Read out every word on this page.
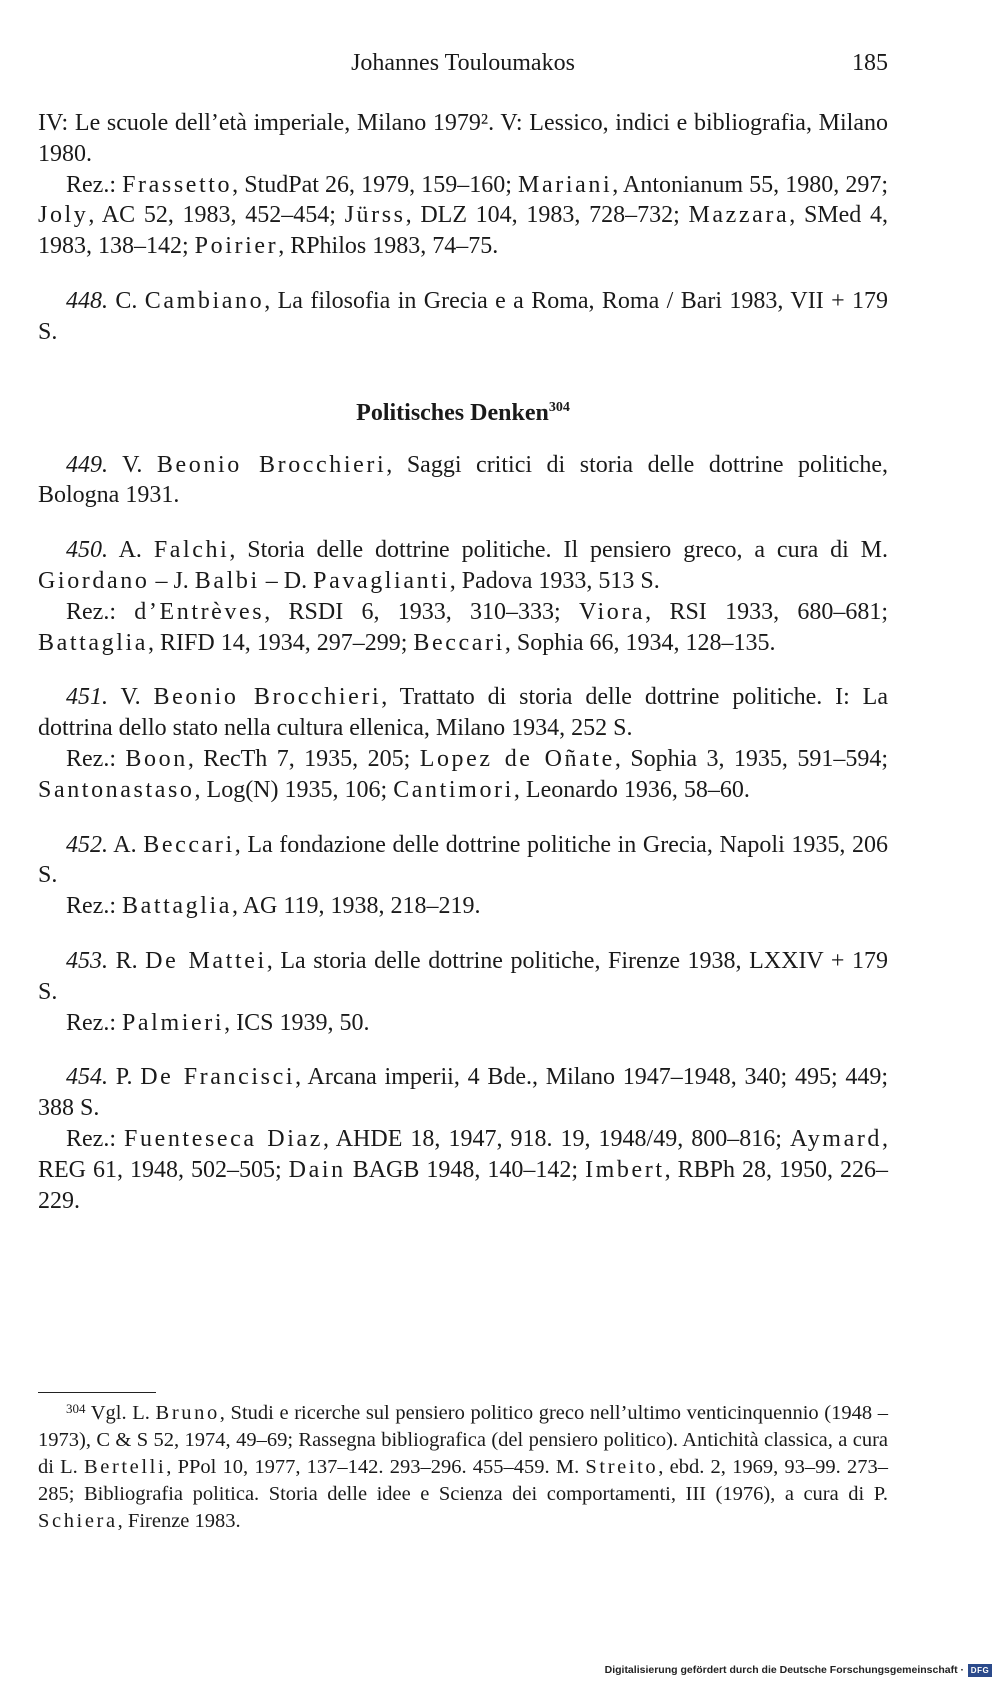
Johannes Touloumakos	185

IV: Le scuole dell’età imperiale, Milano 1979². V: Lessico, indici e bibliografia, Milano 1980.

Rez.: Frassetto, StudPat 26, 1979, 159–160; Mariani, Antonianum 55, 1980, 297; Joly, AC 52, 1983, 452–454; Jürss, DLZ 104, 1983, 728–732; Mazzara, SMed 4, 1983, 138–142; Poirier, RPhilos 1983, 74–75.

448. C. Cambiano, La filosofia in Grecia e a Roma, Roma / Bari 1983, VII + 179 S.

Politisches Denken$^{304}$

449. V. Beonio Brocchieri, Saggi critici di storia delle dottrine politiche, Bologna 1931.

450. A. Falchi, Storia delle dottrine politiche. Il pensiero greco, a cura di M. Giordano – J. Balbi – D. Pavaglianti, Padova 1933, 513 S.

Rez.: d’Entrèves, RSDI 6, 1933, 310–333; Viora, RSI 1933, 680–681; Battaglia, RIFD 14, 1934, 297–299; Beccari, Sophia 66, 1934, 128–135.

451. V. Beonio Brocchieri, Trattato di storia delle dottrine politiche. I: La dottrina dello stato nella cultura ellenica, Milano 1934, 252 S.

Rez.: Boon, RecTh 7, 1935, 205; Lopez de Oñate, Sophia 3, 1935, 591–594; Santonastaso, Log(N) 1935, 106; Cantimori, Leonardo 1936, 58–60.

452. A. Beccari, La fondazione delle dottrine politiche in Grecia, Napoli 1935, 206 S.

Rez.: Battaglia, AG 119, 1938, 218–219.

453. R. De Mattei, La storia delle dottrine politiche, Firenze 1938, LXXIV + 179 S.

Rez.: Palmieri, ICS 1939, 50.

454. P. De Francisci, Arcana imperii, 4 Bde., Milano 1947–1948, 340; 495; 449; 388 S.

Rez.: Fuenteseca Diaz, AHDE 18, 1947, 918. 19, 1948/49, 800–816; Aymard, REG 61, 1948, 502–505; Dain BAGB 1948, 140–142; Imbert, RBPh 28, 1950, 226–229.

$^{304}$ Vgl. L. Bruno, Studi e ricerche sul pensiero politico greco nell’ultimo venticinquennio (1948 – 1973), C & S 52, 1974, 49–69; Rassegna bibliografica (del pensiero politico). Antichità classica, a cura di L. Bertelli, PPol 10, 1977, 137–142. 293–296. 455–459. M. Streito, ebd. 2, 1969, 93–99. 273–285; Bibliografia politica. Storia delle idee e Scienza dei comportamenti, III (1976), a cura di P. Schiera, Firenze 1983.

Digitalisierung gefördert durch die Deutsche Forschungsgemeinschaft · DFG
